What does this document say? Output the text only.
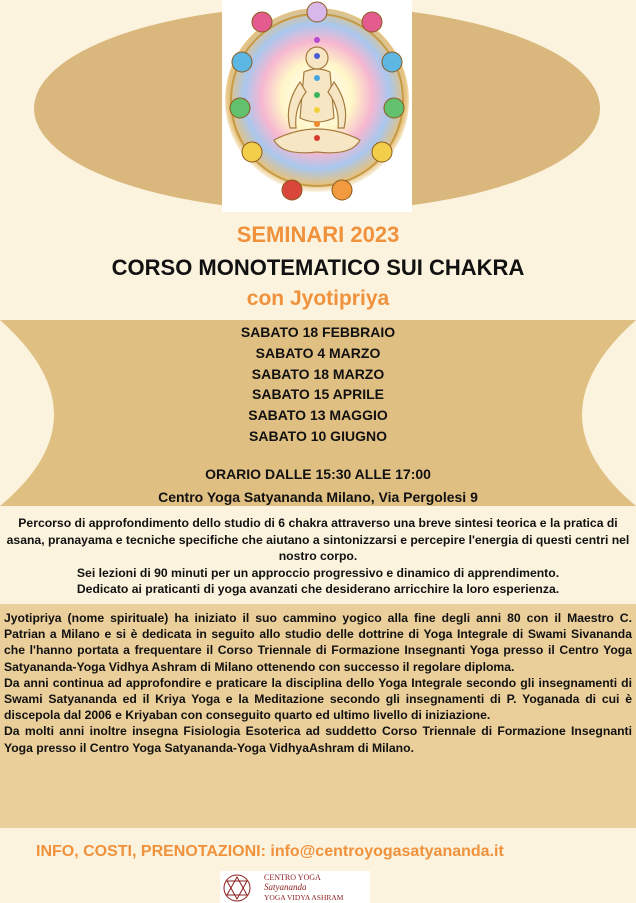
SEMINARI 2023
CORSO MONOTEMATICO SUI CHAKRA
con Jyotipriya
SABATO 18 FEBBRAIO
SABATO 4 MARZO
SABATO 18 MARZO
SABATO 15 APRILE
SABATO 13 MAGGIO
SABATO 10 GIUGNO
ORARIO DALLE 15:30 ALLE 17:00
Centro Yoga Satyananda Milano, Via Pergolesi 9

Percorso di approfondimento dello studio di 6 chakra attraverso una breve sintesi teorica e la pratica di asana, pranayama e tecniche specifiche che aiutano a sintonizzarsi e percepire l'energia di questi centri nel nostro corpo.

Sei lezioni di 90 minuti per un approccio progressivo e dinamico di apprendimento.

Dedicato ai praticanti di yoga avanzati che desiderano arricchire la loro esperienza.

Jyotipriya (nome spirituale) ha iniziato il suo cammino yogico alla fine degli anni 80 con il Maestro C. Patrian a Milano e si è dedicata in seguito allo studio delle dottrine di Yoga Integrale di Swami Sivananda che l'hanno portata a frequentare il Corso Triennale di Formazione Insegnanti Yoga presso il Centro Yoga Satyananda-Yoga Vidhya Ashram di Milano ottenendo con successo il regolare diploma.

Da anni continua ad approfondire e praticare la disciplina dello Yoga Integrale secondo gli insegnamenti di Swami Satyananda ed il Kriya Yoga e la Meditazione secondo gli insegnamenti di P. Yoganada di cui è discepola dal 2006 e Kriyaban con conseguito quarto ed ultimo livello di iniziazione.

Da molti anni inoltre insegna Fisiologia Esoterica ad suddetto Corso Triennale di Formazione Insegnanti Yoga presso il Centro Yoga Satyananda-Yoga VidhyaAshram di Milano.

INFO, COSTI, PRENOTAZIONI: info@centroyogasatyananda.it
CENTRO YOGA
Satyananda
YOGA VIDYA ASHRAM
